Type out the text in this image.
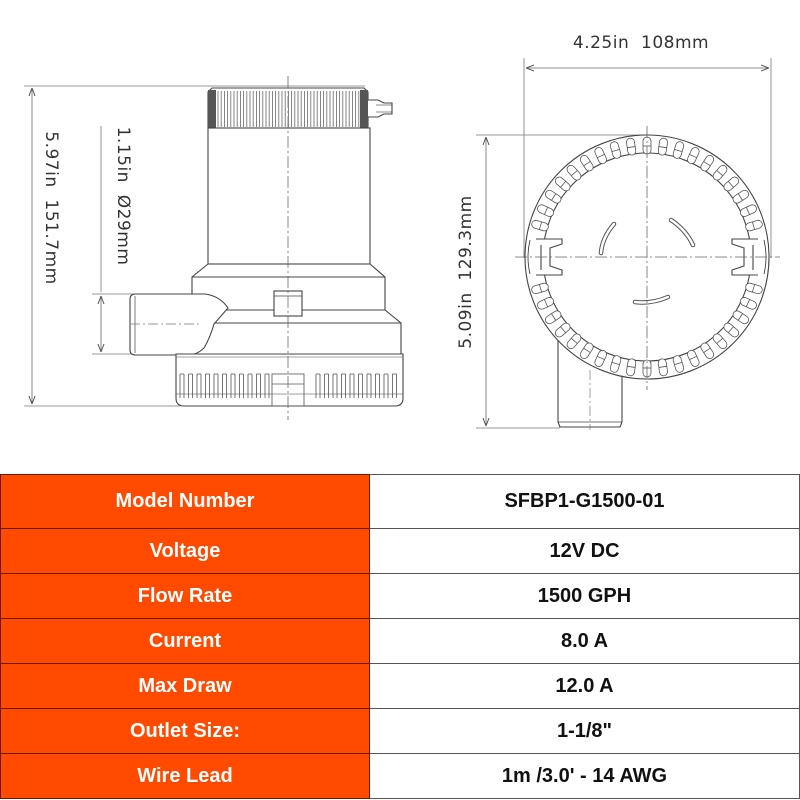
5.97in  151.7mm	1.15in  Ø29mm
4.25in  108mm
5.09in  129.3mm
Model Number	SFBP1-G1500-01
Voltage	12V DC
Flow Rate	1500 GPH
Current	8.0 A
Max Draw	12.0 A
Outlet Size:	1-1/8"
Wire Lead	1m /3.0' - 14 AWG
